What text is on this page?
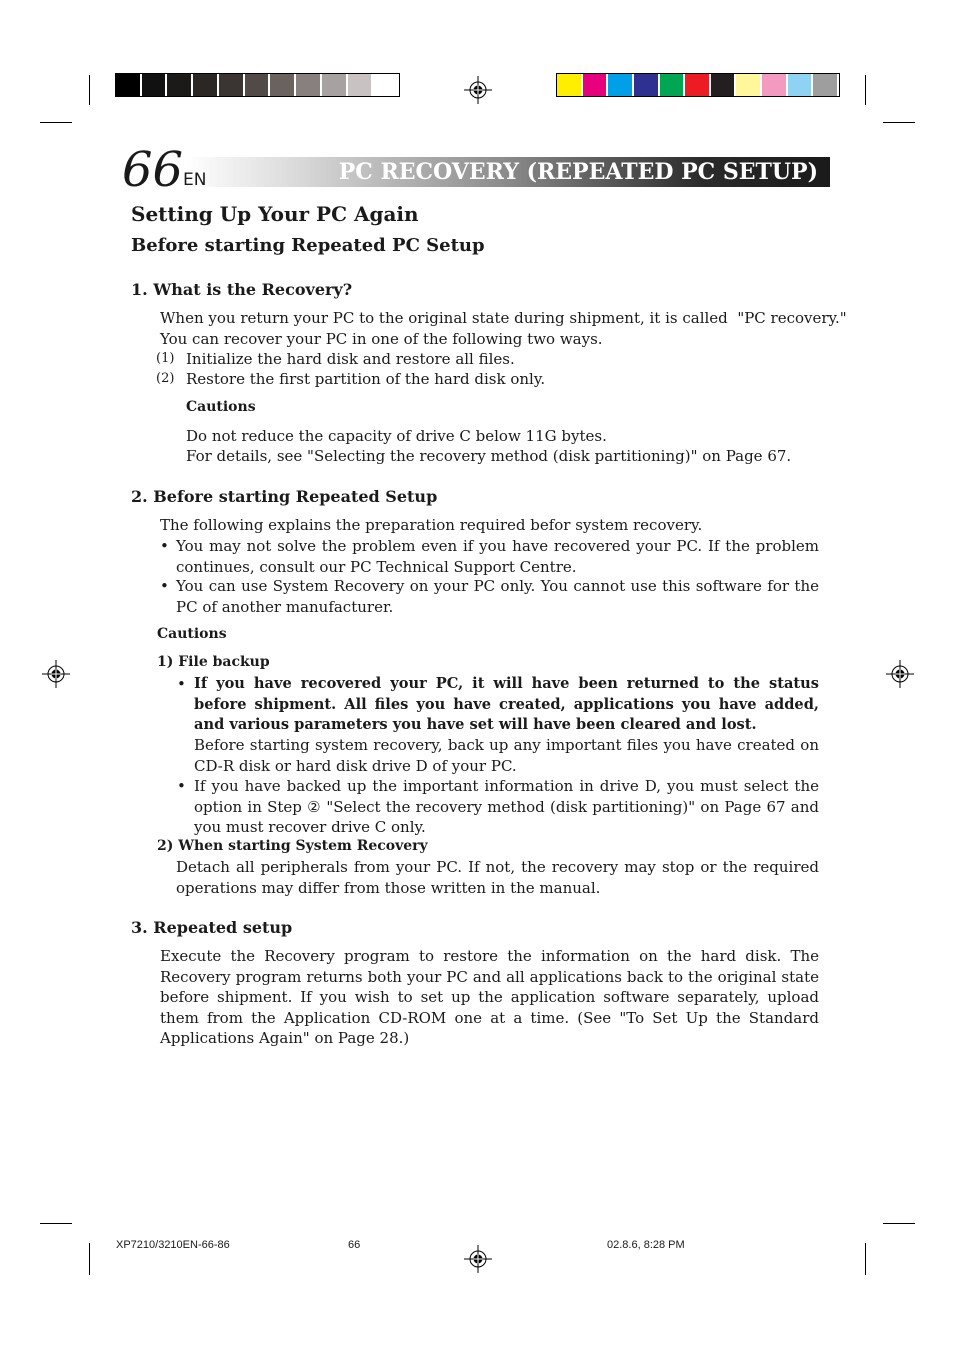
PC RECOVERY (REPEATED PC SETUP)
66 EN
Setting Up Your PC Again
Before starting Repeated PC Setup
1. What is the Recovery?
When you return your PC to the original state during shipment, it is called  "PC recovery."
You can recover your PC in one of the following two ways.
(1) Initialize the hard disk and restore all files.
(2) Restore the first partition of the hard disk only.
Cautions
Do not reduce the capacity of drive C below 11G bytes.
For details, see "Selecting the recovery method (disk partitioning)" on Page 67.
2. Before starting Repeated Setup
The following explains the preparation required befor system recovery.
• You may not solve the problem even if you have recovered your PC. If the problem continues, consult our PC Technical Support Centre.
• You can use System Recovery on your PC only. You cannot use this software for the PC of another manufacturer.
Cautions
1) File backup
• If you have recovered your PC, it will have been returned to the status before shipment. All files you have created, applications you have added, and various parameters you have set will have been cleared and lost.
Before starting system recovery, back up any important files you have created on CD-R disk or hard disk drive D of your PC.
• If you have backed up the important information in drive D, you must select the option in Step ② "Select the recovery method (disk partitioning)" on Page 67 and you must recover drive C only.
2) When starting System Recovery
Detach all peripherals from your PC. If not, the recovery may stop or the required operations may differ from those written in the manual.
3. Repeated setup
Execute the Recovery program to restore the information on the hard disk. The Recovery program returns both your PC and all applications back to the original state before shipment. If you wish to set up the application software separately, upload them from the Application CD-ROM one at a time. (See "To Set Up the Standard Applications Again" on Page 28.)
XP7210/3210EN-66-86	66	02.8.6, 8:28 PM
